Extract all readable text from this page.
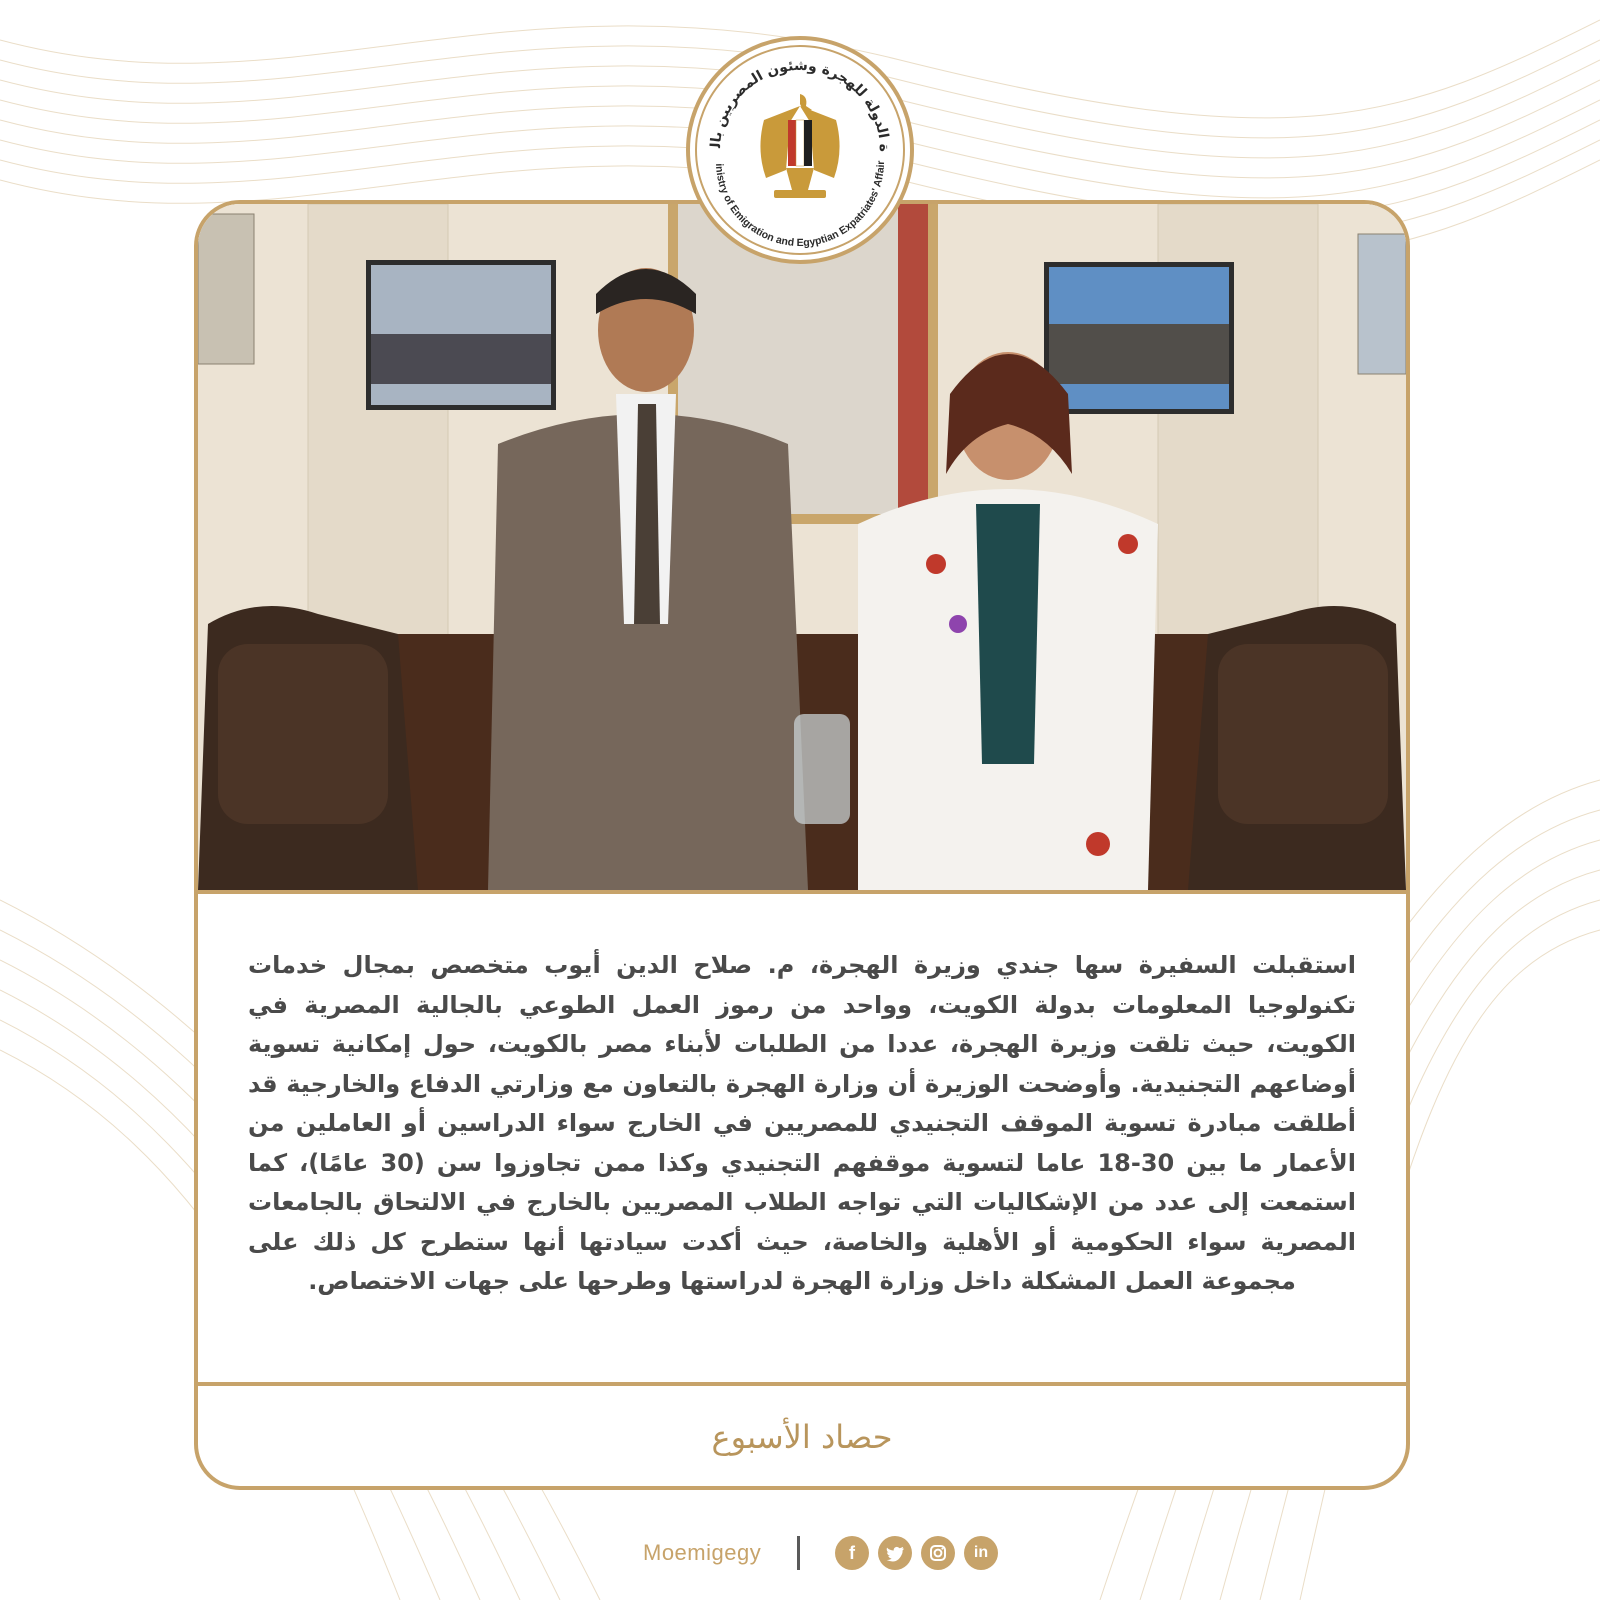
استقبلت السفيرة سها جندي وزيرة الهجرة، م. صلاح الدين أيوب متخصص بمجال خدمات تكنولوجيا المعلومات بدولة الكويت، وواحد من رموز العمل الطوعي بالجالية المصرية في الكويت، حيث تلقت وزيرة الهجرة، عددا من الطلبات لأبناء مصر بالكويت، حول إمكانية تسوية أوضاعهم التجنيدية. وأوضحت الوزيرة أن وزارة الهجرة بالتعاون مع وزارتي الدفاع والخارجية قد أطلقت مبادرة تسوية الموقف التجنيدي للمصريين في الخارج سواء الدراسين أو العاملين من الأعمار ما بين 30-18 عاما لتسوية موقفهم التجنيدي وكذا ممن تجاوزوا سن (30 عامًا)، كما استمعت إلى عدد من الإشكاليات التي تواجه الطلاب المصريين بالخارج في الالتحاق بالجامعات المصرية سواء الحكومية أو الأهلية والخاصة، حيث أكدت سيادتها أنها ستطرح كل ذلك على مجموعة العمل المشكلة داخل وزارة الهجرة لدراستها وطرحها على جهات الاختصاص.
حصاد الأسبوع
ة الدولة للهجرة وشئون المصريين بال
inistry of Emigration and Egyptian Expatriates' Affair
Moemigegy	f	in
